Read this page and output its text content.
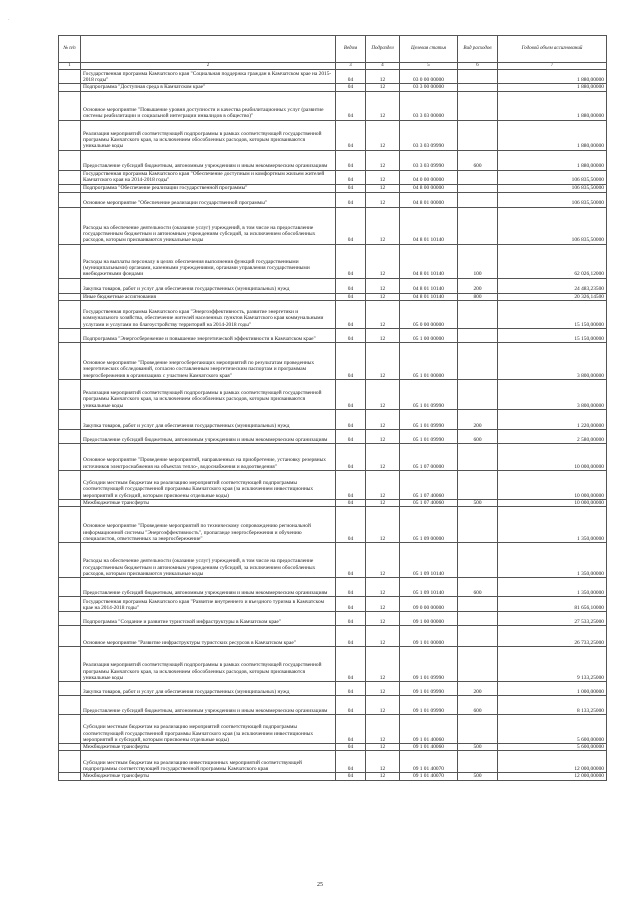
·
№ п/п		Ведом	Подраздел	Целевая статья	Вид расходов	Годовой объем ассигнований
1	2	3	4	5	6	7
	Государственная программа Камчатского края "Социальная поддержка граждан в Камчатском крае на 2015-2018 годы"	04	12	03 0 00 00000		1 880,00000
	Подпрограмма "Доступная среда в Камчатском крае"	04	12	03 3 00 00000		1 880,00000
	Основное мероприятие "Повышение уровня доступности и качества реабилитационных услуг (развитие системы реабилитации и социальной интеграции инвалидов в общество)"	04	12	03 3 03 00000		1 880,00000
	Реализация мероприятий соответствующей подпрограммы в рамках соответствующей государственной программы Камчатского края, за исключением обособленных расходов, которым присваиваются уникальные коды	04	12	03 3 03 09990		1 880,00000
	Предоставление субсидий бюджетным, автономным учреждениям и иным некоммерческим организациям	04	12	03 3 03 09990	600	1 880,00000
	Государственная программа Камчатского края "Обеспечение доступным и комфортным жильем жителей Камчатского края на 2014-2018 годы"	04	12	04 0 00 00000		106 835,50000
	Подпрограмма "Обеспечение реализации государственной программы"	04	12	04 8 00 00000		106 835,50000
	Основное мероприятие "Обеспечение реализации государственной программы"	04	12	04 8 01 00000		106 835,50000
	Расходы на обеспечение деятельности (оказание услуг) учреждений, в том числе на предоставление государственным бюджетным и автономным учреждениям субсидий, за исключением обособленных расходов, которым присваиваются уникальные коды	04	12	04 8 01 10140		106 835,50000
	Расходы на выплаты персоналу в целях обеспечения выполнения функций государственными (муниципальными) органами, казенными учреждениями, органами управления государственными внебюджетными фондами	04	12	04 8 01 10140	100	62 026,12000
	Закупка товаров, работ и услуг для обеспечения государственных (муниципальных) нужд	04	12	04 8 01 10140	200	24 483,23500
	Иные бюджетные ассигнования	04	12	04 8 01 10140	800	20 326,14500
	Государственная программа Камчатского края "Энергоэффективность, развитие энергетики и коммунального хозяйства, обеспечение жителей населенных пунктов Камчатского края коммунальными услугами и услугами по благоустройству территорий на 2014-2018 годы"	04	12	05 0 00 00000		15 150,00000
	Подпрограмма "Энергосбережение и повышение энергетической эффективности в Камчатском крае"	04	12	05 1 00 00000		15 150,00000
	Основное мероприятие "Проведение энергосберегающих мероприятий по результатам проведенных энергетических обследований, согласно составленным энергетическим паспортам и программам энергосбережения в организациях с участием Камчатского края"	04	12	05 1 01 00000		3 800,00000
	Реализация мероприятий соответствующей подпрограммы в рамках соответствующей государственной программы Камчатского края, за исключением обособленных расходов, которым присваиваются уникальные коды	04	12	05 1 01 09990		3 800,00000
	Закупка товаров, работ и услуг для обеспечения государственных (муниципальных) нужд	04	12	05 1 01 09990	200	1 220,00000
	Предоставление субсидий бюджетным, автономным учреждениям и иным некоммерческим организациям	04	12	05 1 01 09990	600	2 580,00000
	Основное мероприятие "Проведение мероприятий, направленных на приобретение, установку резервных источников электроснабжения на объектах тепло-, водоснабжения и водоотведения"	04	12	05 1 07 00000		10 000,00000
	Субсидии местным бюджетам на реализацию мероприятий соответствующей подпрограммы соответствующей государственной программы Камчатского края (за исключением инвестиционных мероприятий и субсидий, которым присвоены отдельные коды)	04	12	05 1 07 40060		10 000,00000
	Межбюджетные трансферты	04	12	05 1 07 40060	500	10 000,00000
	Основное мероприятие "Проведение мероприятий по техническому сопровождению региональной информационной системы "Энергоэффективность", пропаганде энергосбережения и обучению специалистов, ответственных за энергосбережение"	04	12	05 1 09 00000		1 350,00000
	Расходы на обеспечение деятельности (оказание услуг) учреждений, в том числе на предоставление государственным бюджетным и автономным учреждениям субсидий, за исключением обособленных расходов, которым присваиваются уникальные коды	04	12	05 1 09 10140		1 350,00000
	Предоставление субсидий бюджетным, автономным учреждениям и иным некоммерческим организациям	04	12	05 1 09 10140	600	1 350,00000
	Государственная программа Камчатского края "Развитие внутреннего и въездного туризма в Камчатском крае на 2014-2018 годы"	04	12	09 0 00 00000		81 656,10000
	Подпрограмма "Создание и развитие туристской инфраструктуры в Камчатском крае"	04	12	09 1 00 00000		27 533,25000
	Основное мероприятие "Развитие инфраструктуры туристских ресурсов в Камчатском крае"	04	12	09 1 01 00000		26 733,25000
	Реализация мероприятий соответствующей подпрограммы в рамках соответствующей государственной программы Камчатского края, за исключением обособленных расходов, которым присваиваются уникальные коды	04	12	09 1 01 09990		9 133,25000
	Закупка товаров, работ и услуг для обеспечения государственных (муниципальных) нужд	04	12	09 1 01 09990	200	1 000,00000
	Предоставление субсидий бюджетным, автономным учреждениям и иным некоммерческим организациям	04	12	09 1 01 09990	600	8 133,25000
	Субсидии местным бюджетам на реализацию мероприятий соответствующей подпрограммы соответствующей государственной программы Камчатского края (за исключением инвестиционных мероприятий и субсидий, которым присвоены отдельные коды)	04	12	09 1 01 40060		5 600,00000
	Межбюджетные трансферты	04	12	09 1 01 40060	500	5 600,00000
	Субсидии местным бюджетам на реализацию инвестиционных мероприятий соответствующей подпрограммы соответствующей государственной программы Камчатского края	04	12	09 1 01 40070		12 000,00000
	Межбюджетные трансферты	04	12	09 1 01 40070	500	12 000,00000
25
